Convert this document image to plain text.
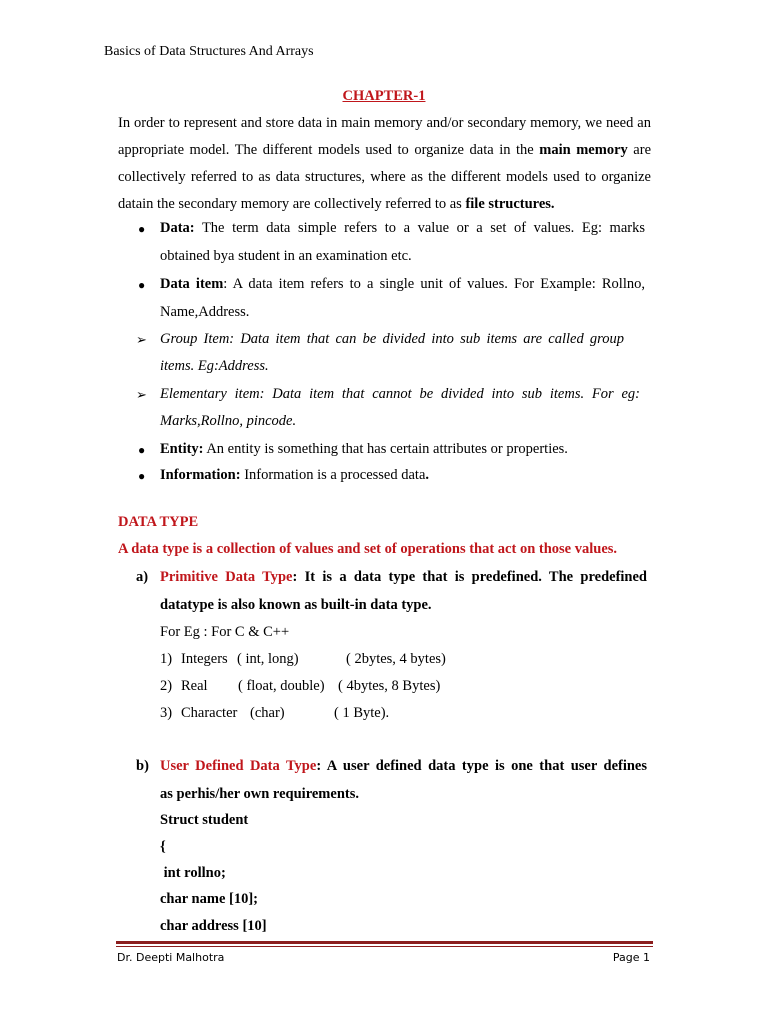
Basics of Data Structures And Arrays
CHAPTER-1
In order to represent and store data in main memory and/or secondary memory, we need an appropriate model. The different models used to organize data in the main memory are collectively referred to as data structures, where as the different models used to organize datain the secondary memory are collectively referred to as file structures.
● Data: The term data simple refers to a value or a set of values. Eg: marks
obtained bya student in an examination etc.
● Data item: A data item refers to a single unit of values. For Example: Rollno,
Name,Address.
➢ Group Item: Data item that can be divided into sub items are called group
items. Eg:Address.
➢ Elementary item: Data item that cannot be divided into sub items. For eg:
Marks,Rollno, pincode.
● Entity: An entity is something that has certain attributes or properties.
● Information: Information is a processed data.
DATA TYPE
A data type is a collection of values and set of operations that act on those values.
a) Primitive Data Type: It is a data type that is predefined. The predefined
datatype is also known as built-in data type.
For Eg : For C & C++
1) Integers ( int, long)	( 2bytes, 4 bytes)
2) Real ( float, double) ( 4bytes, 8 Bytes)
3) Character (char)	( 1 Byte).
b) User Defined Data Type: A user defined data type is one that user defines
as perhis/her own requirements.
Struct student
{
int rollno;
char name [10];
char address [10]
Dr. Deepti Malhotra	Page 1
